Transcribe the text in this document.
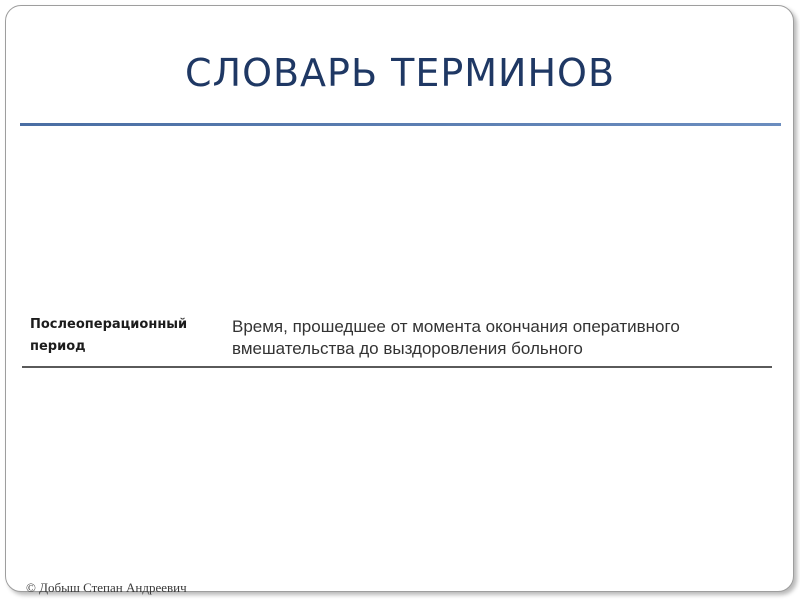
СЛОВАРЬ ТЕРМИНОВ
Послеоперационный период
Время, прошедшее от момента окончания оперативного вмешательства до выздоровления больного
© Добыш Степан Андреевич
